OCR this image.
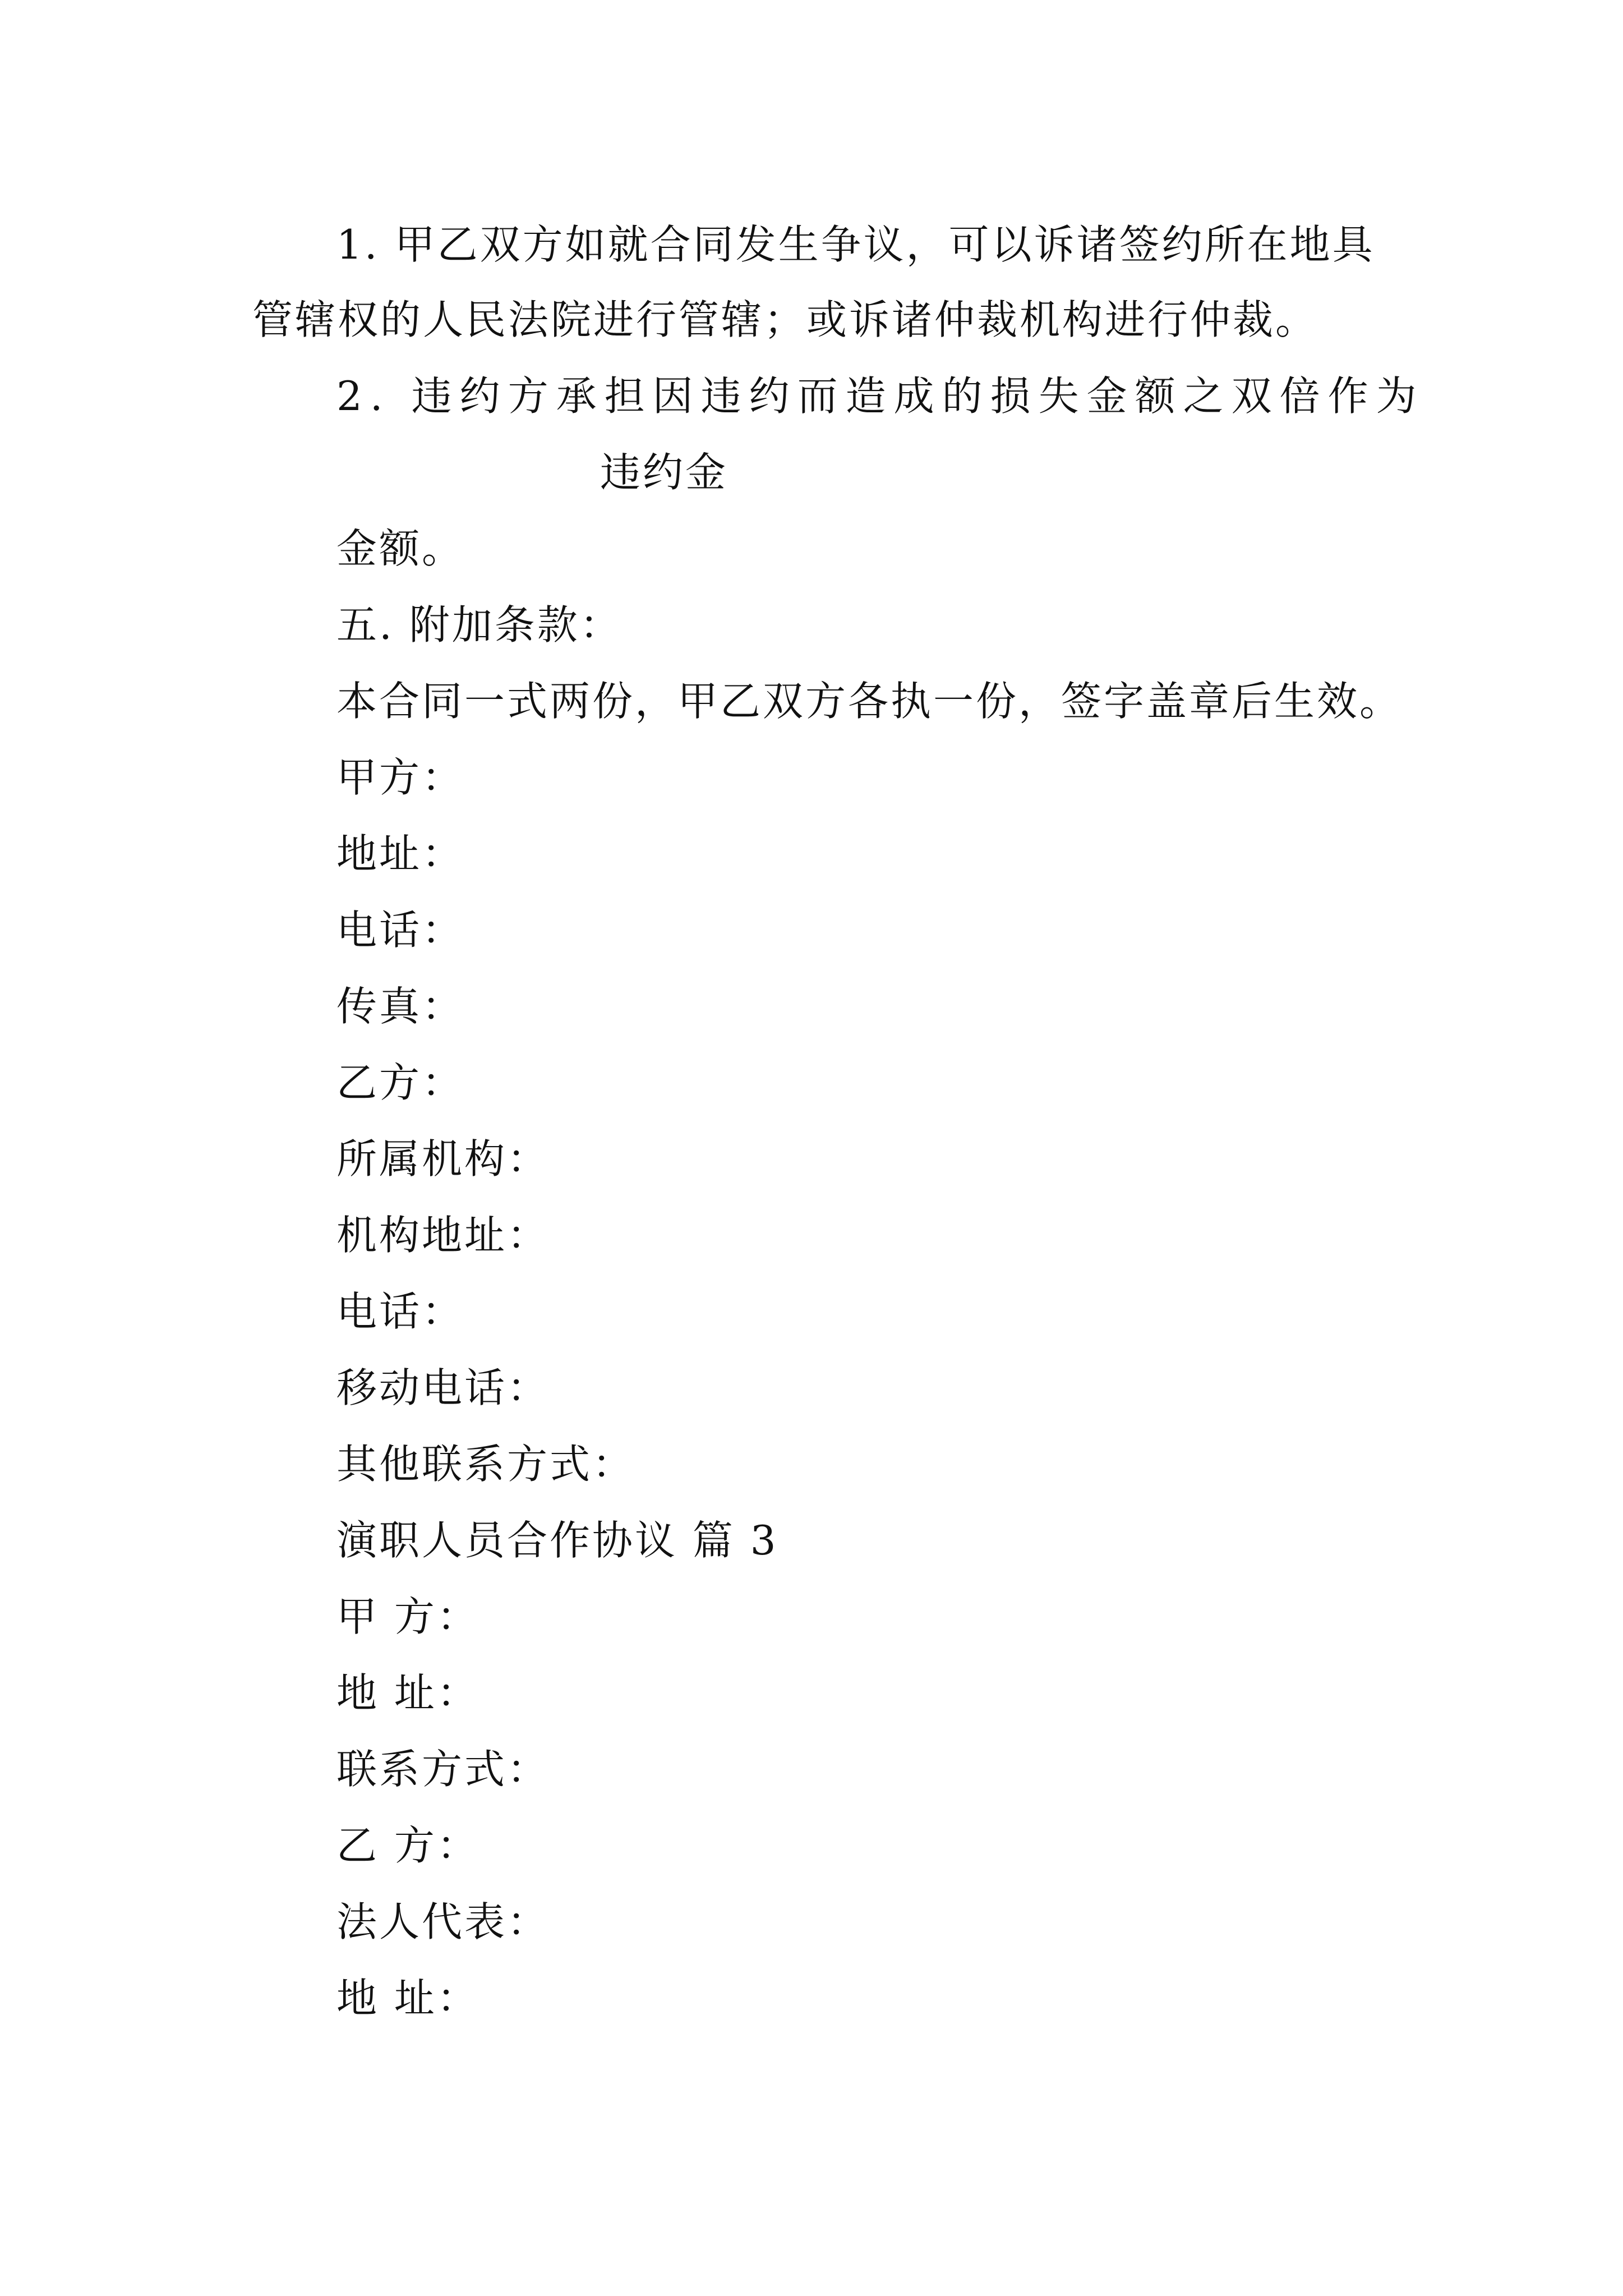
1. 甲乙双方如就合同发生争议，可以诉诸签约所在地具
管辖权的人民法院进行管辖；或诉诸仲裁机构进行仲裁。
2. 违约方承担因违约而造成的损失金额之双倍作为
违约金
金额。
五. 附加条款：
本合同一式两份，甲乙双方各执一份，签字盖章后生效。
甲方：
地址：
电话：
传真：
乙方：
所属机构：
机构地址：
电话：
移动电话：
其他联系方式：
演职人员合作协议 篇 3
甲 方：
地 址：
联系方式：
乙 方：
法人代表：
地 址：
